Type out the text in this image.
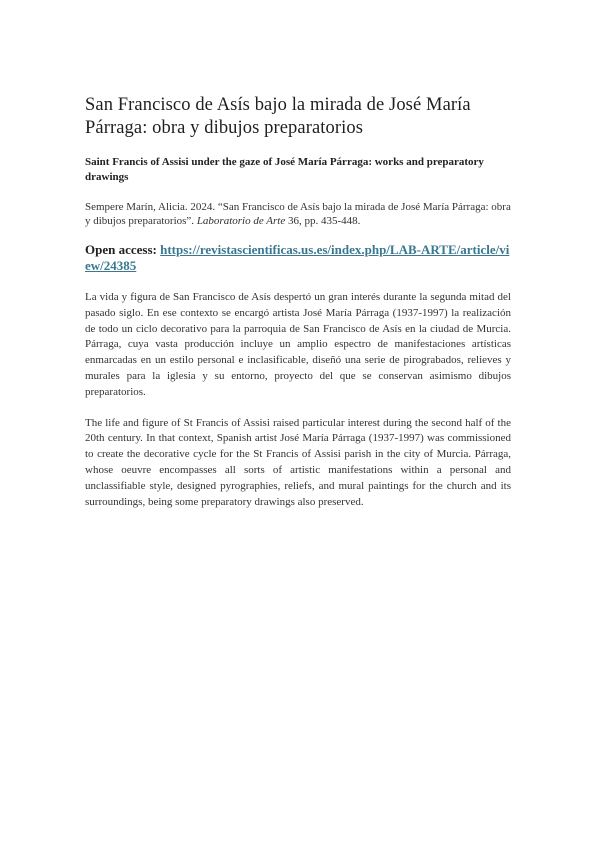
San Francisco de Asís bajo la mirada de José María Párraga: obra y dibujos preparatorios
Saint Francis of Assisi under the gaze of José María Párraga: works and preparatory drawings
Sempere Marín, Alicia. 2024. “San Francisco de Asís bajo la mirada de José María Párraga: obra y dibujos preparatorios”. Laboratorio de Arte 36, pp. 435-448.
Open access: https://revistascientificas.us.es/index.php/LAB-ARTE/article/view/24385

La vida y figura de San Francisco de Asís despertó un gran interés durante la segunda mitad del pasado siglo. En ese contexto se encargó artista José María Párraga (1937-1997) la realización de todo un ciclo decorativo para la parroquia de San Francisco de Asís en la ciudad de Murcia. Párraga, cuya vasta producción incluye un amplio espectro de manifestaciones artísticas enmarcadas en un estilo personal e inclasificable, diseñó una serie de pirograbados, relieves y murales para la iglesia y su entorno, proyecto del que se conservan asimismo dibujos preparatorios.

The life and figure of St Francis of Assisi raised particular interest during the second half of the 20th century. In that context, Spanish artist José María Párraga (1937-1997) was commissioned to create the decorative cycle for the St Francis of Assisi parish in the city of Murcia. Párraga, whose oeuvre encompasses all sorts of artistic manifestations within a personal and unclassifiable style, designed pyrographies, reliefs, and mural paintings for the church and its surroundings, being some preparatory drawings also preserved.
